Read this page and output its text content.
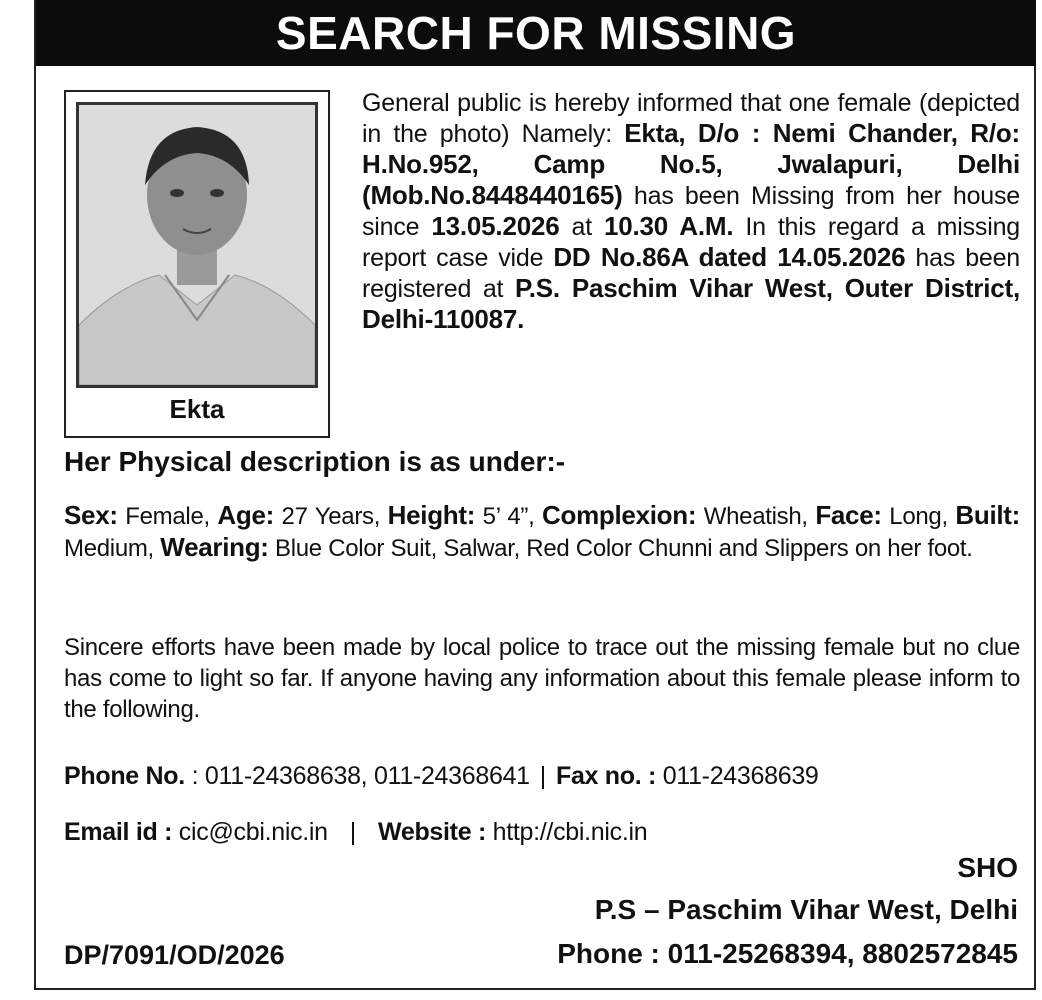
SEARCH FOR MISSING
Ekta
General public is hereby informed that one female (depicted in the photo) Namely: Ekta, D/o : Nemi Chander, R/o: H.No.952, Camp No.5, Jwalapuri, Delhi (Mob.No.8448440165) has been Missing from her house since 13.05.2026 at 10.30 A.M. In this regard a missing report case vide DD No.86A dated 14.05.2026 has been registered at P.S. Paschim Vihar West, Outer District, Delhi-110087.
Her Physical description is as under:-
Sex: Female, Age: 27 Years, Height: 5’ 4”, Complexion: Wheatish, Face: Long, Built: Medium, Wearing: Blue Color Suit, Salwar, Red Color Chunni and Slippers on her foot.
Sincere efforts have been made by local police to trace out the missing female but no clue has come to light so far. If anyone having any information about this female please inform to the following.
Phone No. : 011-24368638, 011-24368641 | Fax no. : 011-24368639
Email id : cic@cbi.nic.in | Website : http://cbi.nic.in
SHO
P.S – Paschim Vihar West, Delhi
Phone : 011-25268394, 8802572845
DP/7091/OD/2026
